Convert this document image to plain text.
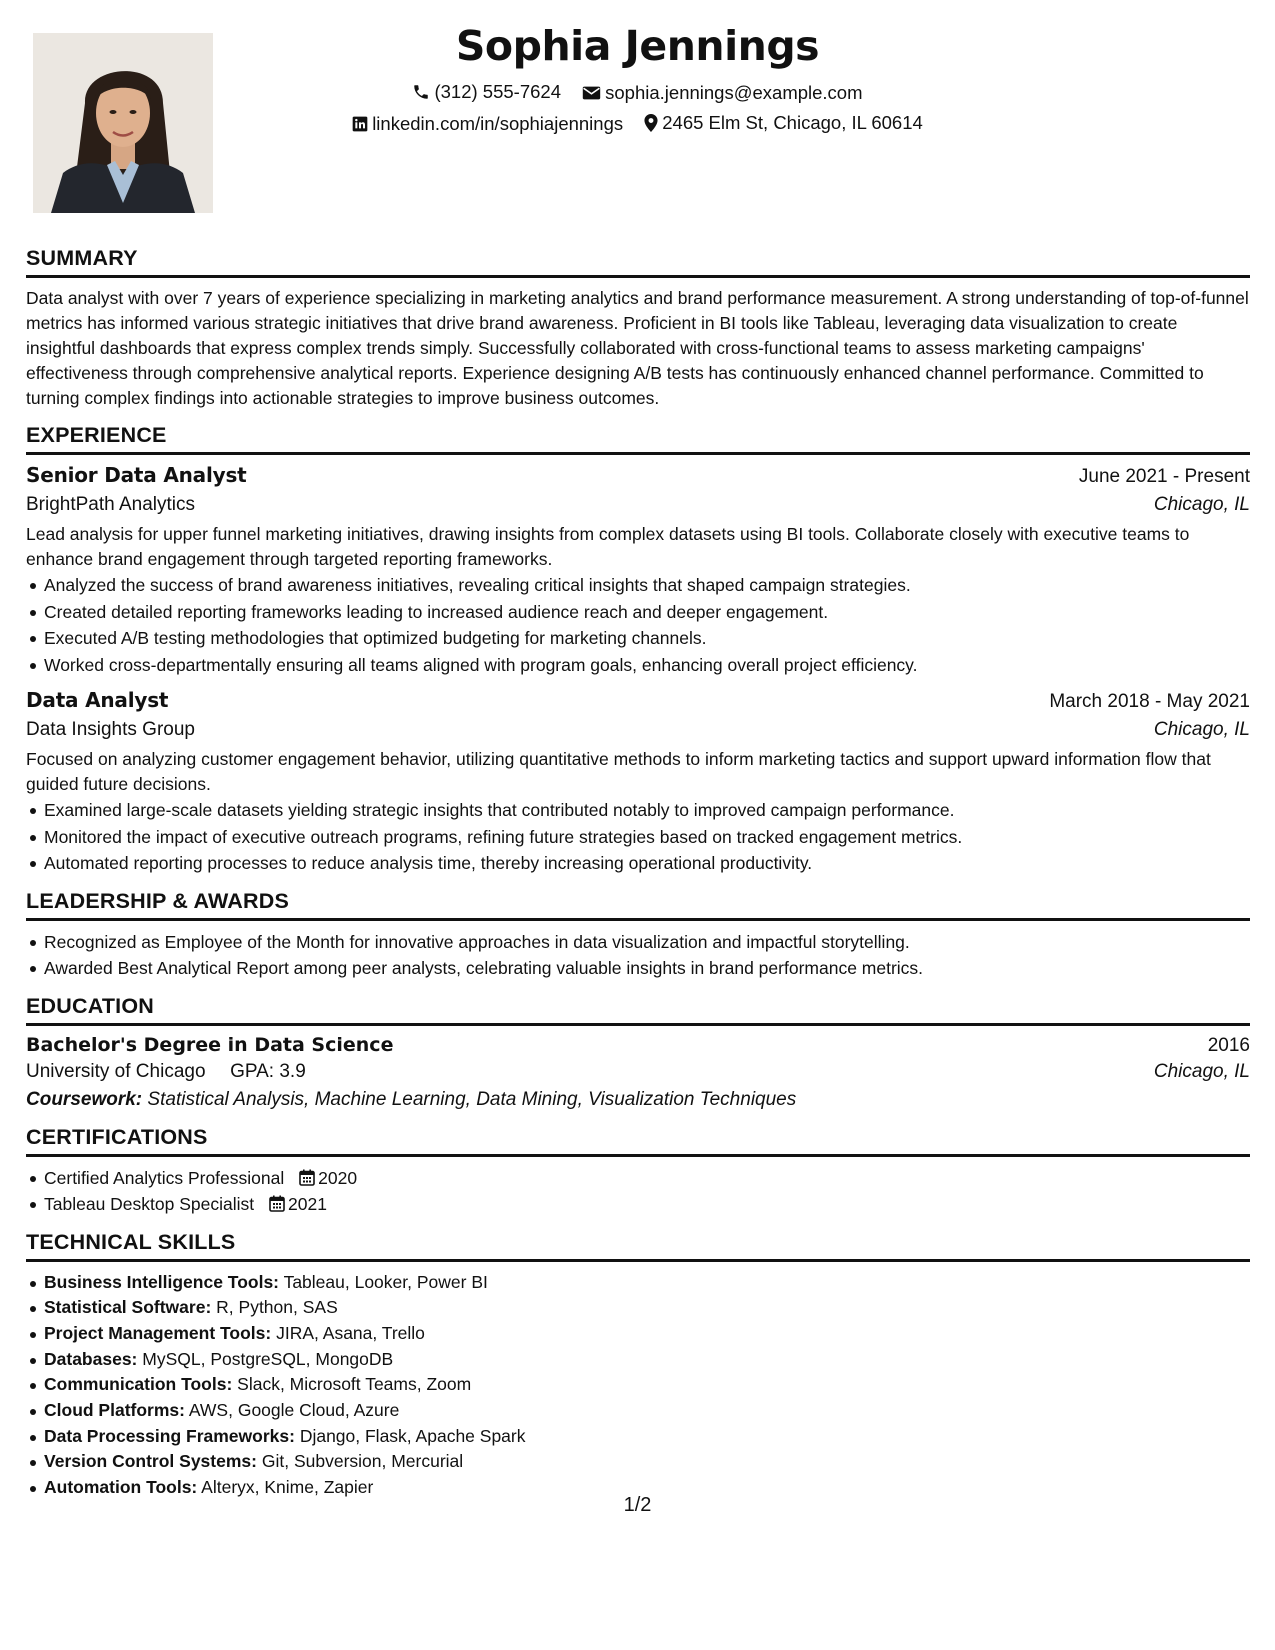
Sophia Jennings
(312) 555-7624
sophia.jennings@example.com
linkedin.com/in/sophiajennings
2465 Elm St, Chicago, IL 60614
SUMMARY
Data analyst with over 7 years of experience specializing in marketing analytics and brand performance measurement. A strong understanding of top-of-funnel metrics has informed various strategic initiatives that drive brand awareness. Proficient in BI tools like Tableau, leveraging data visualization to create insightful dashboards that express complex trends simply. Successfully collaborated with cross-functional teams to assess marketing campaigns' effectiveness through comprehensive analytical reports. Experience designing A/B tests has continuously enhanced channel performance. Committed to turning complex findings into actionable strategies to improve business outcomes.
EXPERIENCE
Senior Data Analyst	June 2021 - Present
BrightPath Analytics	Chicago, IL
Lead analysis for upper funnel marketing initiatives, drawing insights from complex datasets using BI tools. Collaborate closely with executive teams to enhance brand engagement through targeted reporting frameworks.
Analyzed the success of brand awareness initiatives, revealing critical insights that shaped campaign strategies.
Created detailed reporting frameworks leading to increased audience reach and deeper engagement.
Executed A/B testing methodologies that optimized budgeting for marketing channels.
Worked cross-departmentally ensuring all teams aligned with program goals, enhancing overall project efficiency.
Data Analyst	March 2018 - May 2021
Data Insights Group	Chicago, IL
Focused on analyzing customer engagement behavior, utilizing quantitative methods to inform marketing tactics and support upward information flow that guided future decisions.
Examined large-scale datasets yielding strategic insights that contributed notably to improved campaign performance.
Monitored the impact of executive outreach programs, refining future strategies based on tracked engagement metrics.
Automated reporting processes to reduce analysis time, thereby increasing operational productivity.
LEADERSHIP & AWARDS
Recognized as Employee of the Month for innovative approaches in data visualization and impactful storytelling.
Awarded Best Analytical Report among peer analysts, celebrating valuable insights in brand performance metrics.
EDUCATION
Bachelor's Degree in Data Science	2016
University of Chicago GPA: 3.9	Chicago, IL
Coursework: Statistical Analysis, Machine Learning, Data Mining, Visualization Techniques
CERTIFICATIONS
Certified Analytics Professional 2020
Tableau Desktop Specialist 2021
TECHNICAL SKILLS
Business Intelligence Tools: Tableau, Looker, Power BI
Statistical Software: R, Python, SAS
Project Management Tools: JIRA, Asana, Trello
Databases: MySQL, PostgreSQL, MongoDB
Communication Tools: Slack, Microsoft Teams, Zoom
Cloud Platforms: AWS, Google Cloud, Azure
Data Processing Frameworks: Django, Flask, Apache Spark
Version Control Systems: Git, Subversion, Mercurial
Automation Tools: Alteryx, Knime, Zapier
1/2
